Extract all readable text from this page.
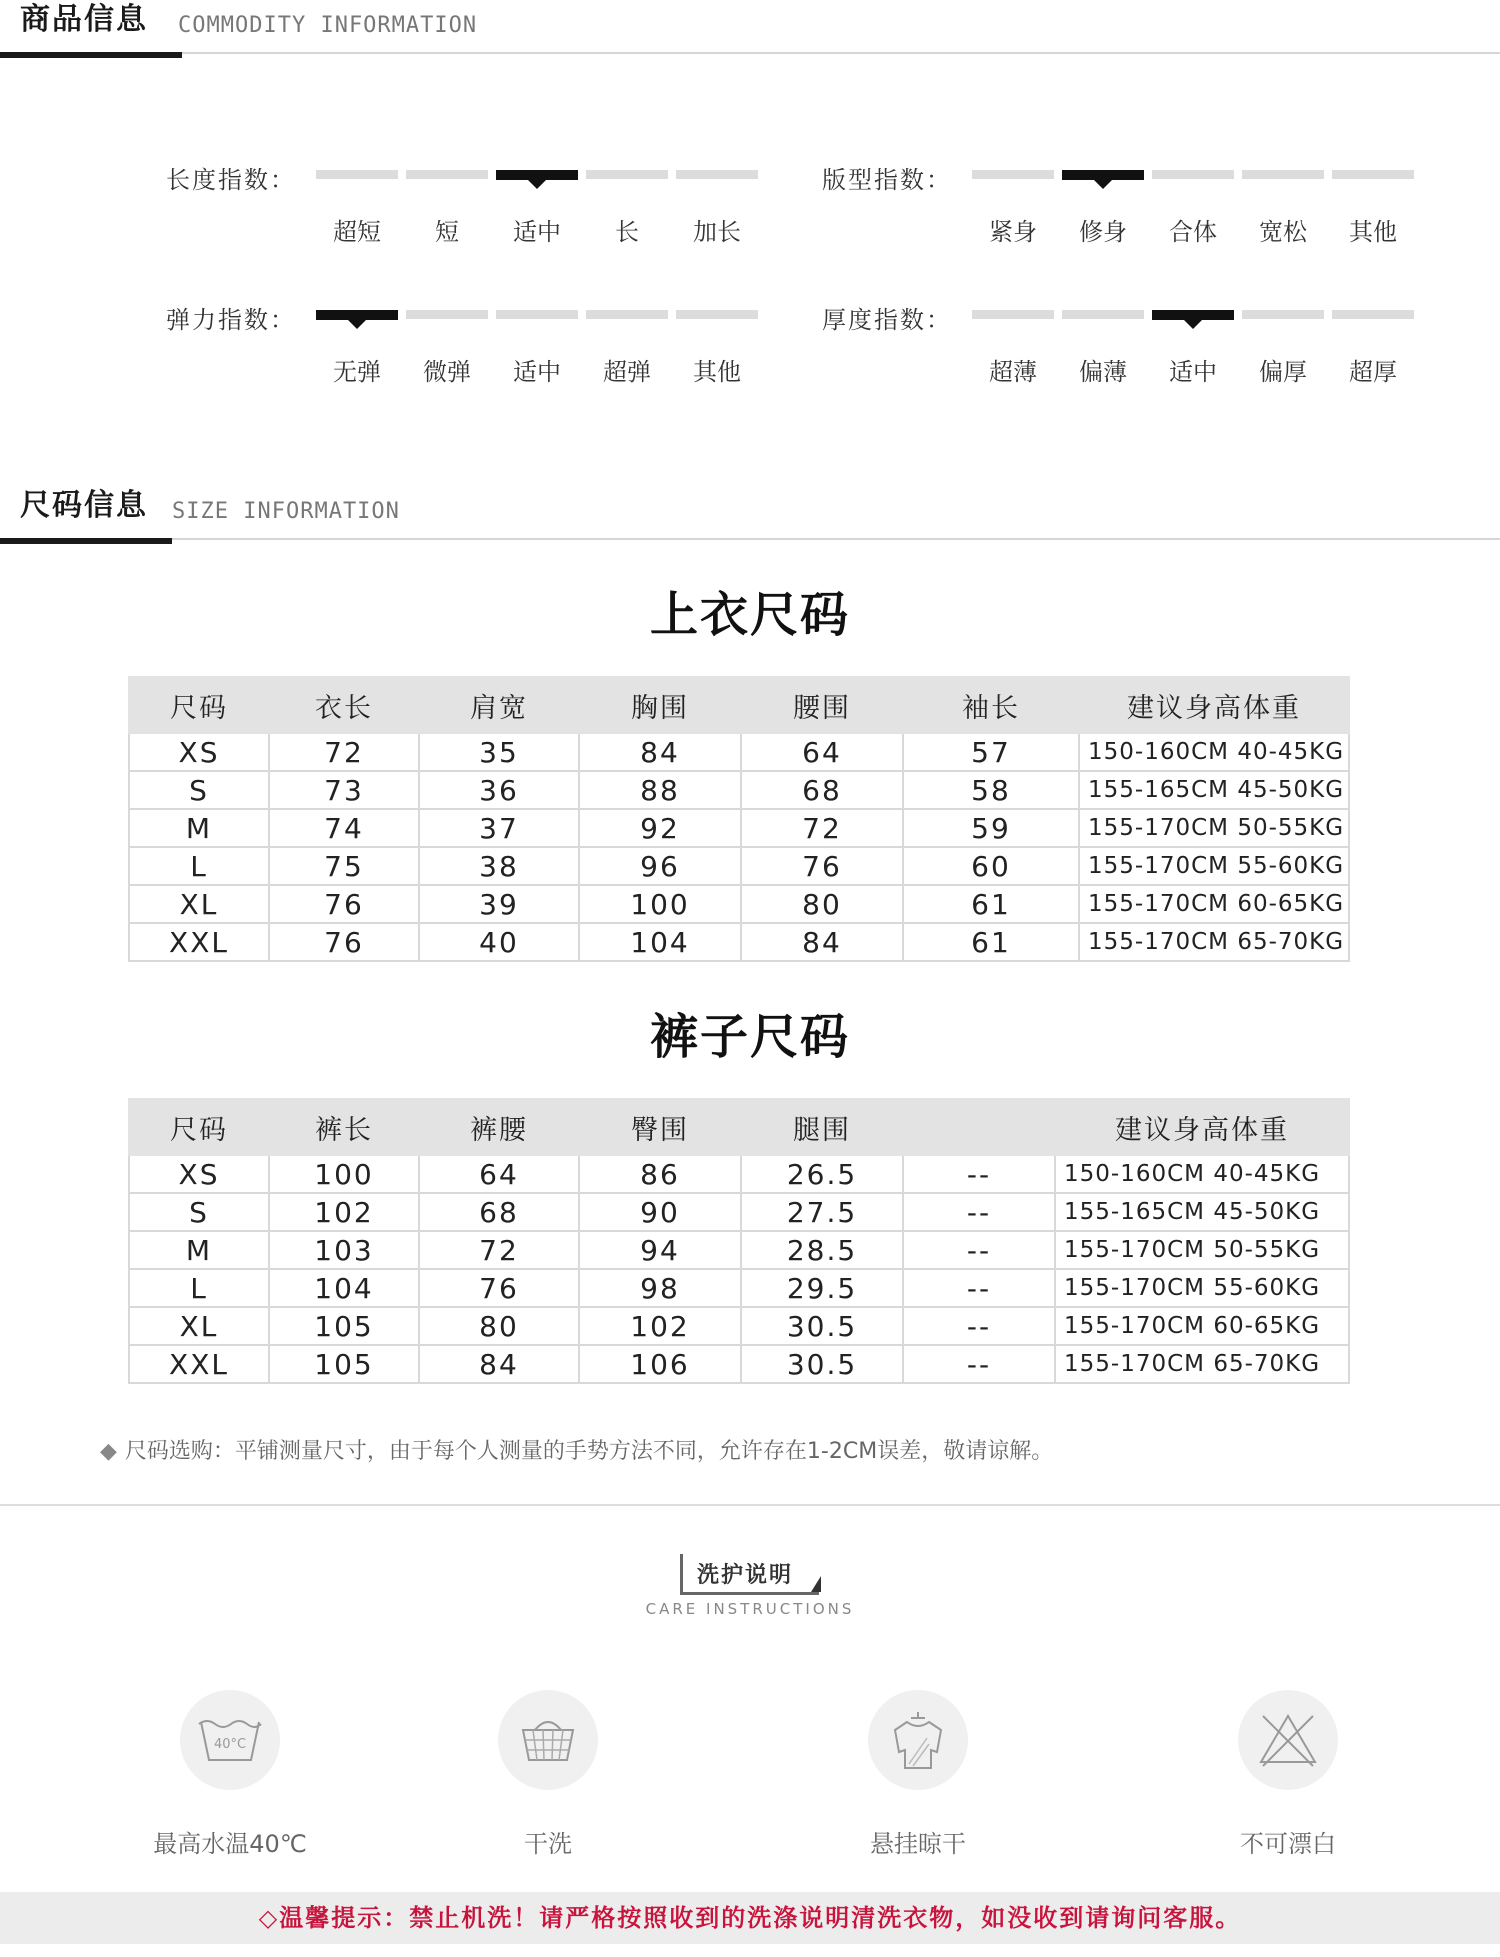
商品信息 COMMODITY INFORMATION
长度指数：
超短	短	适中	长	加长
版型指数：
紧身	修身	合体	宽松	其他
弹力指数：
无弹	微弹	适中	超弹	其他
厚度指数：
超薄	偏薄	适中	偏厚	超厚
尺码信息 SIZE INFORMATION
上衣尺码
尺码	衣长	肩宽	胸围	腰围	袖长	建议身高体重
XS	72	35	84	64	57	150-160CM 40-45KG
S	73	36	88	68	58	155-165CM 45-50KG
M	74	37	92	72	59	155-170CM 50-55KG
L	75	38	96	76	60	155-170CM 55-60KG
XL	76	39	100	80	61	155-170CM 60-65KG
XXL	76	40	104	84	61	155-170CM 65-70KG
裤子尺码
尺码	裤长	裤腰	臀围	腿围		建议身高体重
XS	100	64	86	26.5	--	150-160CM 40-45KG
S	102	68	90	27.5	--	155-165CM 45-50KG
M	103	72	94	28.5	--	155-170CM 50-55KG
L	104	76	98	29.5	--	155-170CM 55-60KG
XL	105	80	102	30.5	--	155-170CM 60-65KG
XXL	105	84	106	30.5	--	155-170CM 65-70KG
◆ 尺码选购：平铺测量尺寸，由于每个人测量的手势方法不同，允许存在1-2CM误差，敬请谅解。
洗护说明
CARE INSTRUCTIONS
40°C
最高水温40℃	干洗	悬挂晾干	不可漂白
◇温馨提示：禁止机洗！请严格按照收到的洗涤说明清洗衣物，如没收到请询问客服。
